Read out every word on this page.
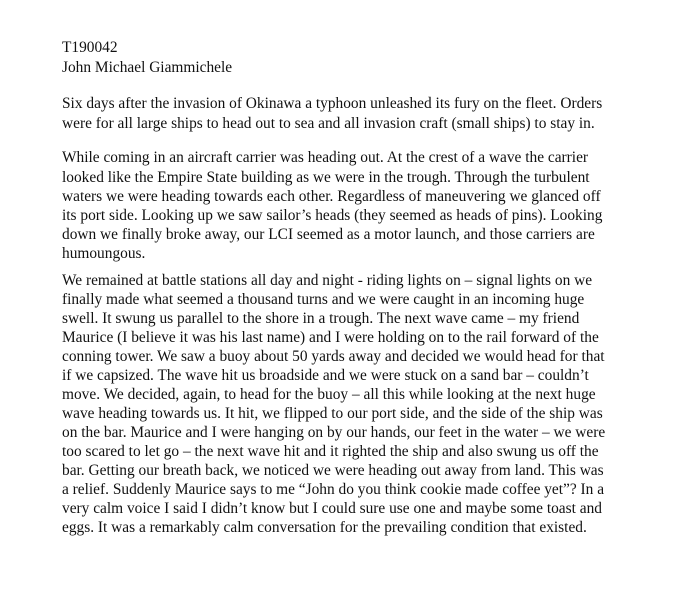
T190042
John Michael Giammichele
Six days after the invasion of Okinawa a typhoon unleashed its fury on the fleet. Orders
were for all large ships to head out to sea and all invasion craft (small ships) to stay in.
While coming in an aircraft carrier was heading out. At the crest of a wave the carrier
looked like the Empire State building as we were in the trough. Through the turbulent
waters we were heading towards each other. Regardless of maneuvering we glanced off
its port side. Looking up we saw sailor’s heads (they seemed as heads of pins). Looking
down we finally broke away, our LCI seemed as a motor launch, and those carriers are
humoungous.
We remained at battle stations all day and night - riding lights on – signal lights on we
finally made what seemed a thousand turns and we were caught in an incoming huge
swell. It swung us parallel to the shore in a trough. The next wave came – my friend
Maurice (I believe it was his last name) and I were holding on to the rail forward of the
conning tower. We saw a buoy about 50 yards away and decided we would head for that
if we capsized. The wave hit us broadside and we were stuck on a sand bar – couldn’t
move. We decided, again, to head for the buoy – all this while looking at the next huge
wave heading towards us. It hit, we flipped to our port side, and the side of the ship was
on the bar. Maurice and I were hanging on by our hands, our feet in the water – we were
too scared to let go – the next wave hit and it righted the ship and also swung us off the
bar. Getting our breath back, we noticed we were heading out away from land. This was
a relief. Suddenly Maurice says to me “John do you think cookie made coffee yet”? In a
very calm voice I said I didn’t know but I could sure use one and maybe some toast and
eggs. It was a remarkably calm conversation for the prevailing condition that existed.
